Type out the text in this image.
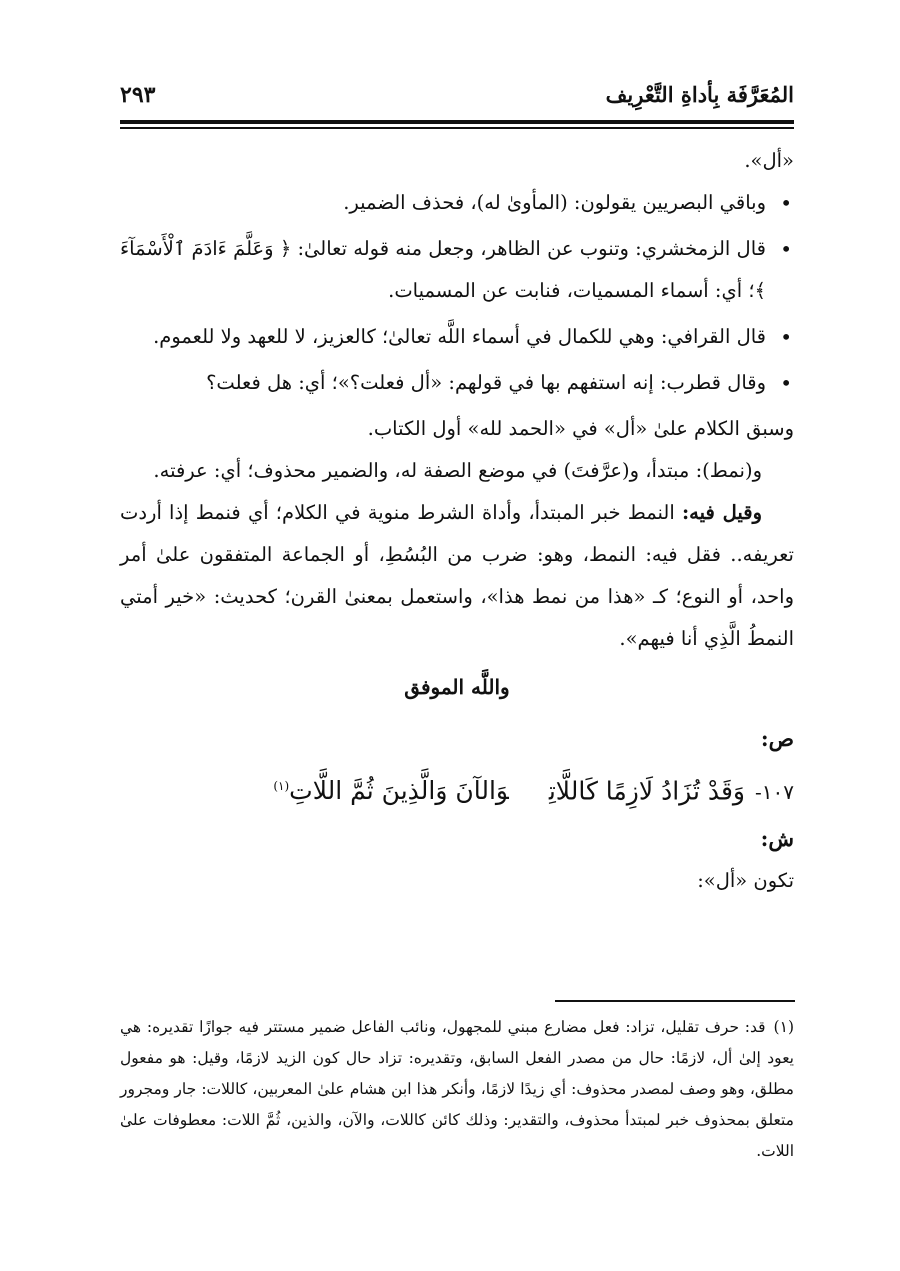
المُعَرَّفَة بِأداةِ التَّعْرِيف
٢٩٣

«أل».

• وباقي البصريين يقولون: (المأوىٰ له)، فحذف الضمير.
• قال الزمخشري: وتنوب عن الظاهر، وجعل منه قوله تعالىٰ: ﴿ وَعَلَّمَ ءَادَمَ ٱلْأَسْمَآءَ ﴾؛ أي: أسماء المسميات، فنابت عن المسميات.
• قال القرافي: وهي للكمال في أسماء اللَّه تعالىٰ؛ كالعزيز، لا للعهد ولا للعموم.
• وقال قطرب: إنه استفهم بها في قولهم: «أل فعلت؟»؛ أي: هل فعلت؟

وسبق الكلام علىٰ «أل» في «الحمد لله» أول الكتاب.

و(نمط): مبتدأ، و(عرَّفتَ) في موضع الصفة له، والضمير محذوف؛ أي: عرفته.

وقيل فيه: النمط خبر المبتدأ، وأداة الشرط منوية في الكلام؛ أي فنمط إذا أردت تعريفه.. فقل فيه: النمط، وهو: ضرب من البُسُطِ، أو الجماعة المتفقون علىٰ أمر واحد، أو النوع؛ كـ «هذا من نمط هذا»، واستعمل بمعنىٰ القرن؛ كحديث: «خير أمتي النمطُ الَّذِي أنا فيهم».

واللَّه الموفق

ص:

١٠٧-وَقَدْ تُزَادُ لَازِمًا كَاللَّاتِوَالآنَ وَالَّذِينَ ثُمَّ اللَّاتِ$^{(١)}$

ش:

تكون «أل»:

(١)قد: حرف تقليل، تزاد: فعل مضارع مبني للمجهول، ونائب الفاعل ضمير مستتر فيه جوازًا تقديره: هي يعود إلىٰ أل، لازمًا: حال من مصدر الفعل السابق، وتقديره: تزاد حال كون الزيد لازمًا، وقيل: هو مفعول مطلق، وهو وصف لمصدر محذوف: أي زيدًا لازمًا، وأنكر هذا ابن هشام علىٰ المعربين، كاللات: جار ومجرور متعلق بمحذوف خبر لمبتدأ محذوف، والتقدير: وذلك كائن كاللات، والآن، والذين، ثُمَّ اللات: معطوفات علىٰ اللات.
